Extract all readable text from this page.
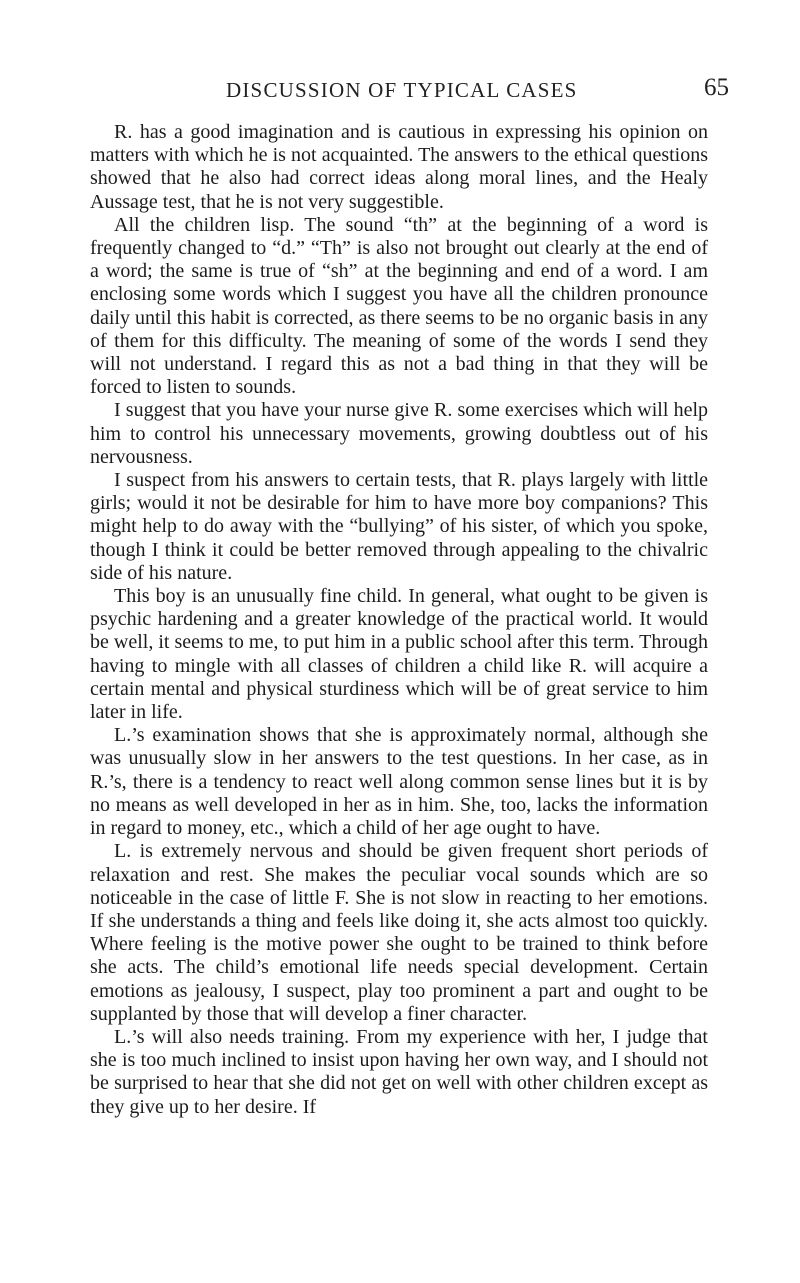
DISCUSSION OF TYPICAL CASES	65

R. has a good imagination and is cautious in expressing his opinion on matters with which he is not acquainted. The answers to the ethical questions showed that he also had correct ideas along moral lines, and the Healy Aussage test, that he is not very suggestible.

All the children lisp. The sound “th” at the beginning of a word is frequently changed to “d.” “Th” is also not brought out clearly at the end of a word; the same is true of “sh” at the beginning and end of a word. I am enclosing some words which I suggest you have all the children pronounce daily until this habit is corrected, as there seems to be no organic basis in any of them for this difficulty. The meaning of some of the words I send they will not understand. I regard this as not a bad thing in that they will be forced to listen to sounds.

I suggest that you have your nurse give R. some exercises which will help him to control his unnecessary movements, growing doubtless out of his nervousness.

I suspect from his answers to certain tests, that R. plays largely with little girls; would it not be desirable for him to have more boy companions? This might help to do away with the “bullying” of his sister, of which you spoke, though I think it could be better removed through appealing to the chivalric side of his nature.

This boy is an unusually fine child. In general, what ought to be given is psychic hardening and a greater knowledge of the practical world. It would be well, it seems to me, to put him in a public school after this term. Through having to mingle with all classes of children a child like R. will acquire a certain mental and physical sturdiness which will be of great service to him later in life.

L.’s examination shows that she is approximately normal, although she was unusually slow in her answers to the test questions. In her case, as in R.’s, there is a tendency to react well along common sense lines but it is by no means as well developed in her as in him. She, too, lacks the information in regard to money, etc., which a child of her age ought to have.

L. is extremely nervous and should be given frequent short periods of relaxation and rest. She makes the peculiar vocal sounds which are so noticeable in the case of little F. She is not slow in reacting to her emotions. If she understands a thing and feels like doing it, she acts almost too quickly. Where feeling is the motive power she ought to be trained to think before she acts. The child’s emotional life needs special development. Certain emotions as jealousy, I suspect, play too prominent a part and ought to be supplanted by those that will develop a finer character.

L.’s will also needs training. From my experience with her, I judge that she is too much inclined to insist upon having her own way, and I should not be surprised to hear that she did not get on well with other children except as they give up to her desire. If
